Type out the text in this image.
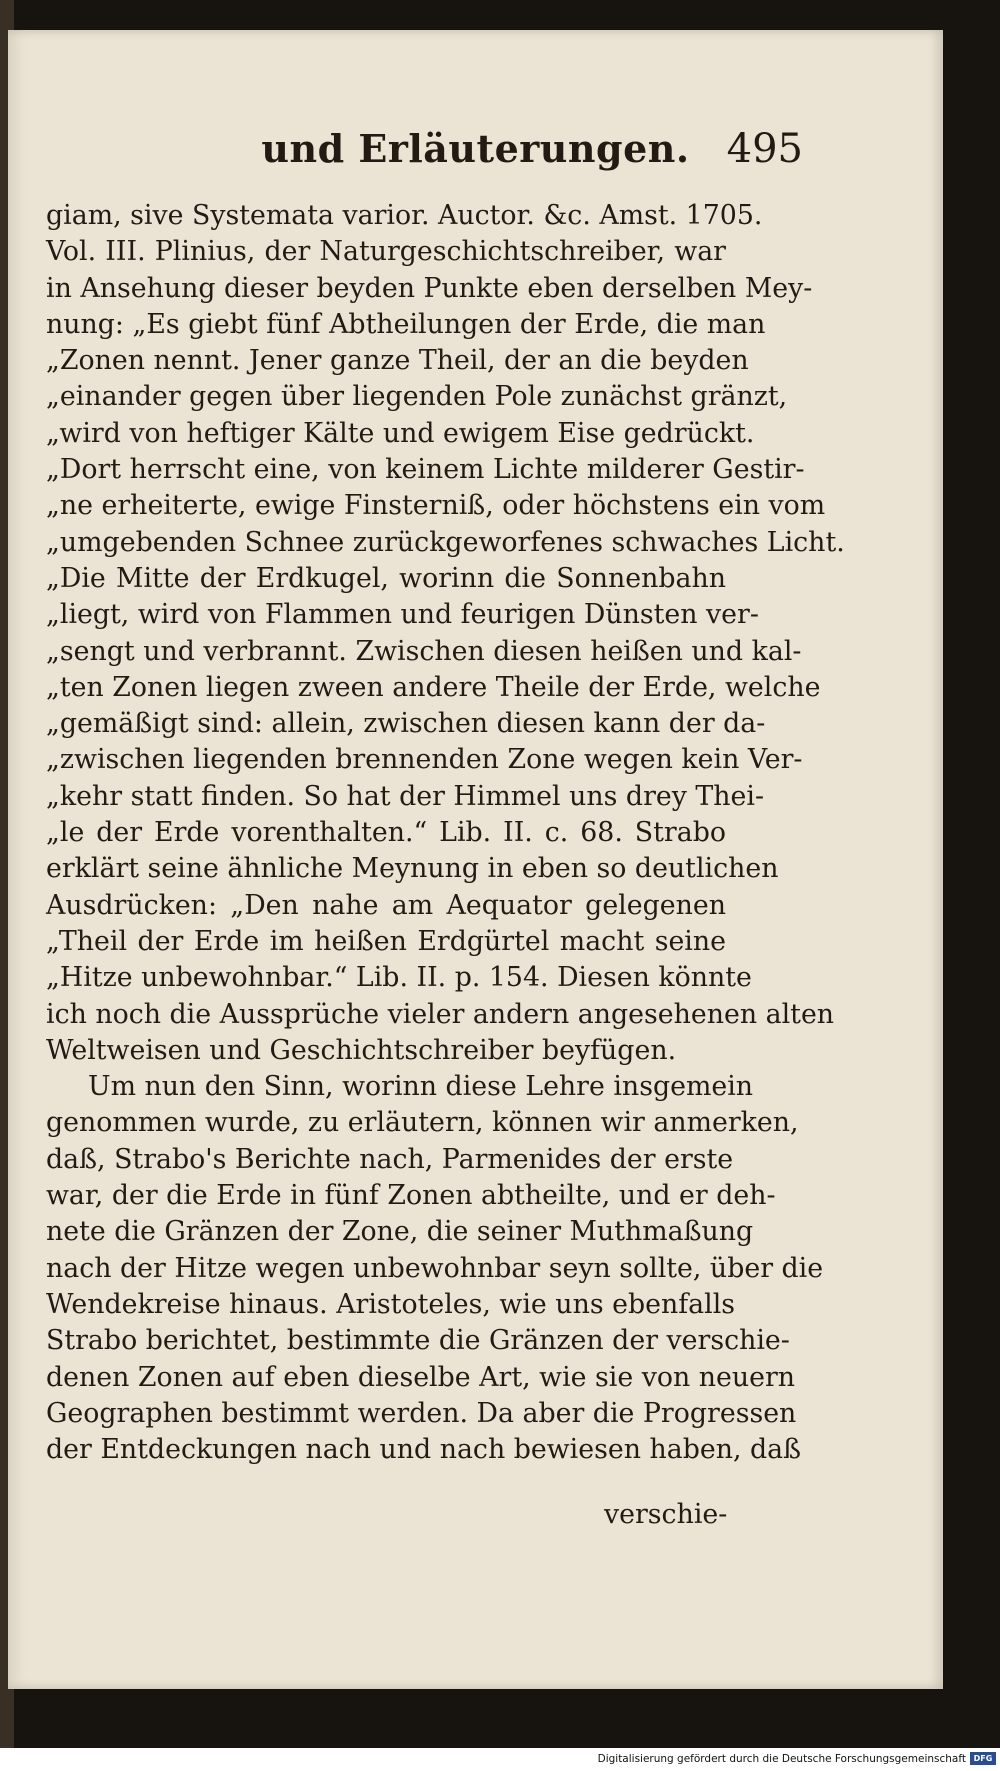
und Erläuterungen. 495
giam, sive Systemata varior. Auctor. &c. Amst. 1705.
Vol. III. Plinius, der Naturgeschichtschreiber, war
in Ansehung dieser beyden Punkte eben derselben Mey-
nung: „Es giebt fünf Abtheilungen der Erde, die man
„Zonen nennt. Jener ganze Theil, der an die beyden
„einander gegen über liegenden Pole zunächst gränzt,
„wird von heftiger Kälte und ewigem Eise gedrückt.
„Dort herrscht eine, von keinem Lichte milderer Gestir-
„ne erheiterte, ewige Finsterniß, oder höchstens ein vom
„umgebenden Schnee zurückgeworfenes schwaches Licht.
„Die Mitte der Erdkugel, worinn die Sonnenbahn
„liegt, wird von Flammen und feurigen Dünsten ver-
„sengt und verbrannt. Zwischen diesen heißen und kal-
„ten Zonen liegen zween andere Theile der Erde, welche
„gemäßigt sind: allein, zwischen diesen kann der da-
„zwischen liegenden brennenden Zone wegen kein Ver-
„kehr statt finden. So hat der Himmel uns drey Thei-
„le der Erde vorenthalten.“ Lib. II. c. 68. Strabo
erklärt seine ähnliche Meynung in eben so deutlichen
Ausdrücken: „Den nahe am Aequator gelegenen
„Theil der Erde im heißen Erdgürtel macht seine
„Hitze unbewohnbar.“ Lib. II. p. 154. Diesen könnte
ich noch die Aussprüche vieler andern angesehenen alten
Weltweisen und Geschichtschreiber beyfügen.
Um nun den Sinn, worinn diese Lehre insgemein
genommen wurde, zu erläutern, können wir anmerken,
daß, Strabo's Berichte nach, Parmenides der erste
war, der die Erde in fünf Zonen abtheilte, und er deh-
nete die Gränzen der Zone, die seiner Muthmaßung
nach der Hitze wegen unbewohnbar seyn sollte, über die
Wendekreise hinaus. Aristoteles, wie uns ebenfalls
Strabo berichtet, bestimmte die Gränzen der verschie-
denen Zonen auf eben dieselbe Art, wie sie von neuern
Geographen bestimmt werden. Da aber die Progressen
der Entdeckungen nach und nach bewiesen haben, daß
verschie-
Digitalisierung gefördert durch die Deutsche Forschungsgemeinschaft DFG
